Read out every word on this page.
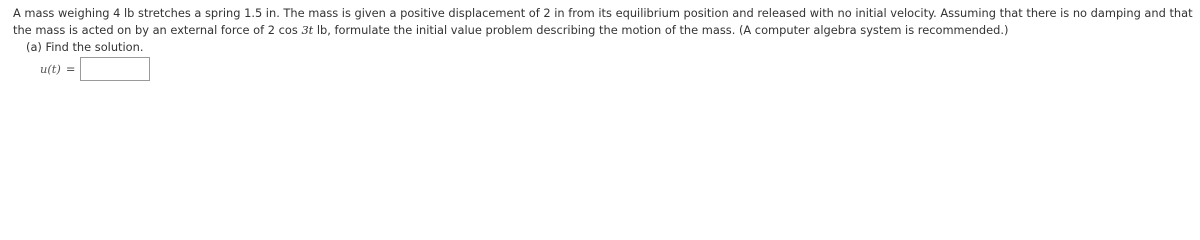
A mass weighing 4 lb stretches a spring 1.5 in. The mass is given a positive displacement of 2 in from its equilibrium position and released with no initial velocity. Assuming that there is no damping and that the mass is acted on by an external force of 2 cos 3t lb, formulate the initial value problem describing the motion of the mass. (A computer algebra system is recommended.)

(a) Find the solution.

u(t) =
